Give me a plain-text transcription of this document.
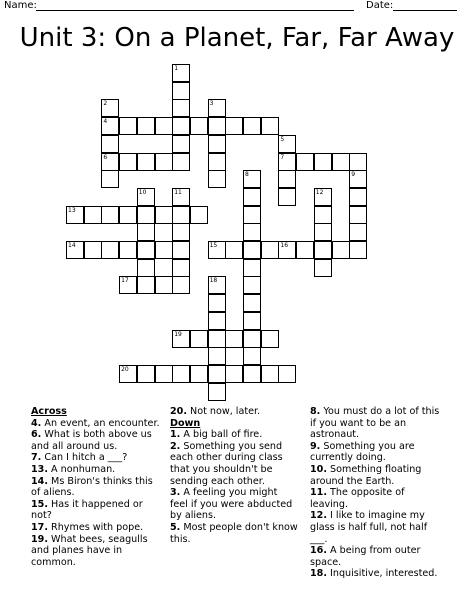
Name:	Date:
Unit 3: On a Planet, Far, Far Away
1
2
4
6
3
5
7
8	9
10	11	12
13
14	15	16
17	18
19
20
Across

4. An event, an encounter.

6. What is both above us and all around us.

7. Can I hitch a ___?

13. A nonhuman.

14. Ms Biron's thinks this of aliens.

15. Has it happened or not?

17. Rhymes with pope.

19. What bees, seagulls and planes have in common.

20. Not now, later.

Down

1. A big ball of fire.

2. Something you send each other during class that you shouldn't be sending each other.

3. A feeling you might feel if you were abducted by aliens.

5. Most people don't know this.

8. You must do a lot of this if you want to be an astronaut.

9. Something you are currently doing.

10. Something floating around the Earth.

11. The opposite of leaving.

12. I like to imagine my glass is half full, not half ___.

16. A being from outer space.

18. Inquisitive, interested.
